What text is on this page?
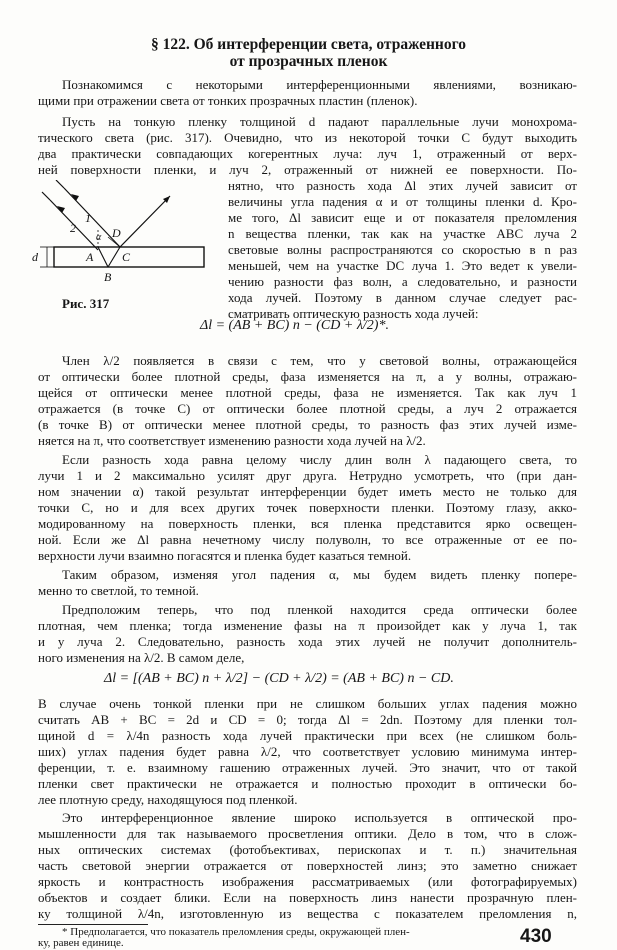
§ 122. Об интерференции света, отраженного
от прозрачных пленок
Познакомимся с некоторыми интерференционными явлениями, возникаю-
щими при отражении света от тонких прозрачных пластин (пленок).
Пусть на тонкую пленку толщиной d падают параллельные лучи монохрома-
тического света (рис. 317). Очевидно, что из некоторой точки C будут выходить
два практически совпадающих когерентных луча: луч 1, отраженный от верх-
ней поверхности пленки, и луч 2, отраженный от нижней ее поверхности. По-
1
2
α D
A C
B
d
Рис. 317
нятно, что разность хода Δl этих лучей зависит от
величины угла падения α и от толщины пленки d. Кро-
ме того, Δl зависит еще и от показателя преломления
n вещества пленки, так как на участке ABC луча 2
световые волны распространяются со скоростью в n раз
меньшей, чем на участке DC луча 1. Это ведет к увели-
чению разности фаз волн, а следовательно, и разности
хода лучей. Поэтому в данном случае следует рас-
сматривать оптическую разность хода лучей:
Δl = (AB + BC) n − (CD + λ/2)*.
Член λ/2 появляется в связи с тем, что у световой волны, отражающейся
от оптически более плотной среды, фаза изменяется на π, а у волны, отражаю-
щейся от оптически менее плотной среды, фаза не изменяется. Так как луч 1
отражается (в точке C) от оптически более плотной среды, а луч 2 отражается
(в точке B) от оптически менее плотной среды, то разность фаз этих лучей изме-
няется на π, что соответствует изменению разности хода лучей на λ/2.
Если разность хода равна целому числу длин волн λ падающего света, то
лучи 1 и 2 максимально усилят друг друга. Нетрудно усмотреть, что (при дан-
ном значении α) такой результат интерференции будет иметь место не только для
точки C, но и для всех других точек поверхности пленки. Поэтому глазу, акко-
модированному на поверхность пленки, вся пленка представится ярко освещен-
ной. Если же Δl равна нечетному числу полуволн, то все отраженные от ее по-
верхности лучи взаимно погасятся и пленка будет казаться темной.
Таким образом, изменяя угол падения α, мы будем видеть пленку попере-
менно то светлой, то темной.
Предположим теперь, что под пленкой находится среда оптически более
плотная, чем пленка; тогда изменение фазы на π произойдет как у луча 1, так
и у луча 2. Следовательно, разность хода этих лучей не получит дополнитель-
ного изменения на λ/2. В самом деле,
Δl = [(AB + BC) n + λ/2] − (CD + λ/2) = (AB + BC) n − CD.
В случае очень тонкой пленки при не слишком больших углах падения можно
считать AB + BC = 2d и CD = 0; тогда Δl = 2dn. Поэтому для пленки тол-
щиной d = λ/4n разность хода лучей практически при всех (не слишком боль-
ших) углах падения будет равна λ/2, что соответствует условию минимума интер-
ференции, т. е. взаимному гашению отраженных лучей. Это значит, что от такой
пленки свет практически не отражается и полностью проходит в оптически бо-
лее плотную среду, находящуюся под пленкой.
Это интерференционное явление широко используется в оптической про-
мышленности для так называемого просветления оптики. Дело в том, что в слож-
ных оптических системах (фотобъективах, перископах и т. п.) значительная
часть световой энергии отражается от поверхностей линз; это заметно снижает
яркость и контрастность изображения рассматриваемых (или фотографируемых)
объектов и создает блики. Если на поверхность линз нанести прозрачную плен-
ку толщиной λ/4n, изготовленную из вещества с показателем преломления n,
* Предполагается, что показатель преломления среды, окружающей плен-
ку, равен единице.	430
